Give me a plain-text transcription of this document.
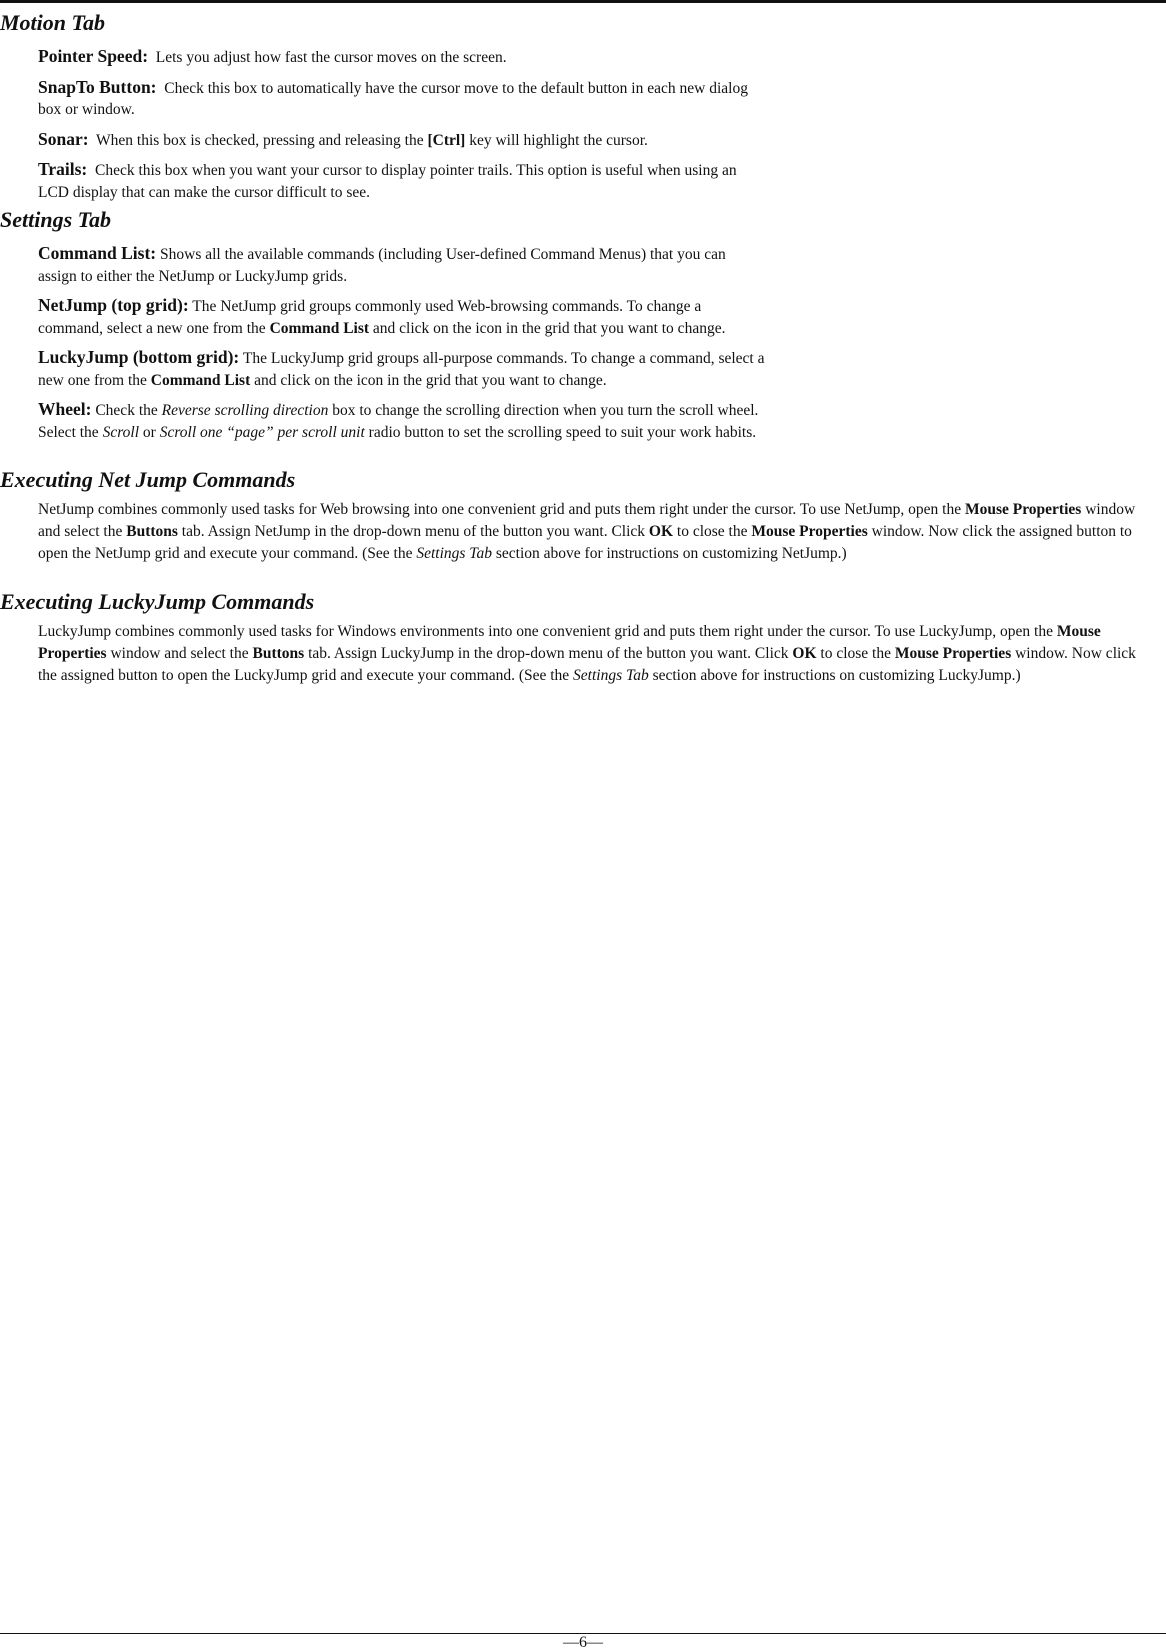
Motion Tab
Pointer Speed: Lets you adjust how fast the cursor moves on the screen.
SnapTo Button: Check this box to automatically have the cursor move to the default button in each new dialog box or window.
Sonar: When this box is checked, pressing and releasing the [Ctrl] key will highlight the cursor.
Trails: Check this box when you want your cursor to display pointer trails. This option is useful when using an LCD display that can make the cursor difficult to see.
Settings Tab
Command List: Shows all the available commands (including User-defined Command Menus) that you can assign to either the NetJump or LuckyJump grids.
NetJump (top grid): The NetJump grid groups commonly used Web-browsing commands. To change a command, select a new one from the Command List and click on the icon in the grid that you want to change.
LuckyJump (bottom grid): The LuckyJump grid groups all-purpose commands. To change a command, select a new one from the Command List and click on the icon in the grid that you want to change.
Wheel: Check the Reverse scrolling direction box to change the scrolling direction when you turn the scroll wheel. Select the Scroll or Scroll one “page” per scroll unit radio button to set the scrolling speed to suit your work habits.
Executing Net Jump Commands
NetJump combines commonly used tasks for Web browsing into one convenient grid and puts them right under the cursor. To use NetJump, open the Mouse Properties window and select the Buttons tab. Assign NetJump in the drop-down menu of the button you want. Click OK to close the Mouse Properties window. Now click the assigned button to open the NetJump grid and execute your command. (See the Settings Tab section above for instructions on customizing NetJump.)
Executing LuckyJump Commands
LuckyJump combines commonly used tasks for Windows environments into one convenient grid and puts them right under the cursor. To use LuckyJump, open the Mouse Properties window and select the Buttons tab. Assign LuckyJump in the drop-down menu of the button you want. Click OK to close the Mouse Properties window. Now click the assigned button to open the LuckyJump grid and execute your command. (See the Settings Tab section above for instructions on customizing LuckyJump.)
—6—
